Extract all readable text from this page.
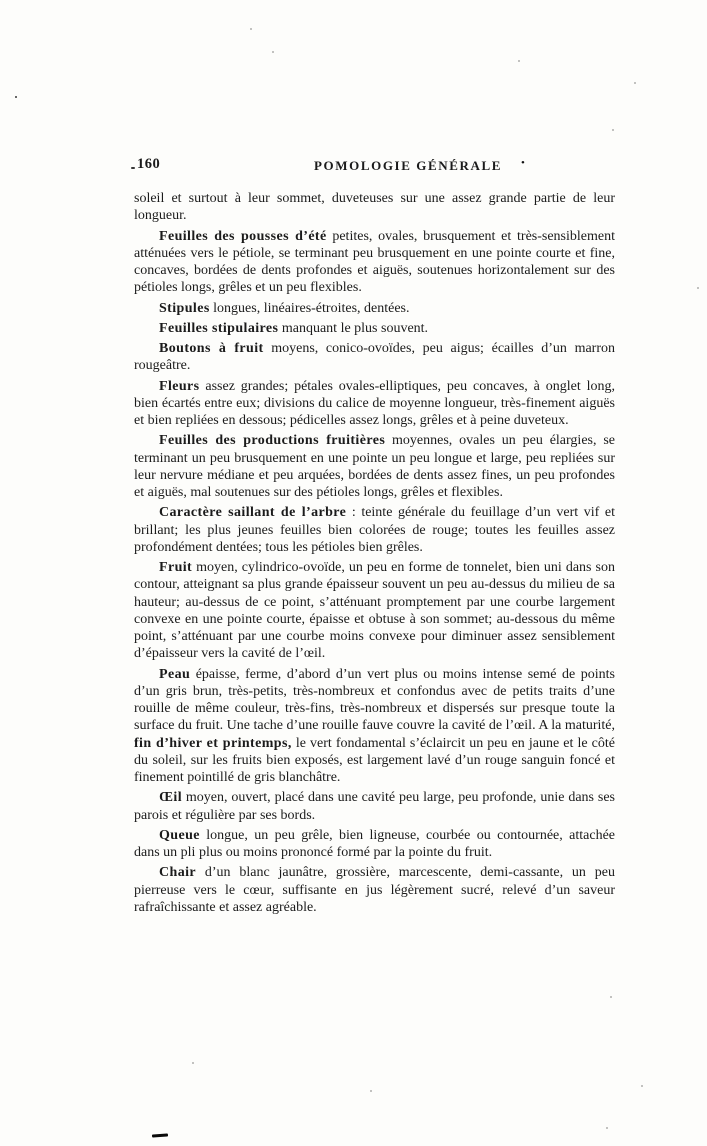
160	POMOLOGIE GÉNÉRALE •

soleil et surtout à leur sommet, duveteuses sur une assez grande partie de leur longueur.

Feuilles des pousses d’été petites, ovales, brusquement et très-sensiblement atténuées vers le pétiole, se terminant peu brusquement en une pointe courte et fine, concaves, bordées de dents profondes et aiguës, soutenues horizontalement sur des pétioles longs, grêles et un peu flexibles.

Stipules longues, linéaires-étroites, dentées.

Feuilles stipulaires manquant le plus souvent.

Boutons à fruit moyens, conico-ovoïdes, peu aigus; écailles d’un marron rougeâtre.

Fleurs assez grandes; pétales ovales-elliptiques, peu concaves, à onglet long, bien écartés entre eux; divisions du calice de moyenne longueur, très-finement aiguës et bien repliées en dessous; pédicelles assez longs, grêles et à peine duveteux.

Feuilles des productions fruitières moyennes, ovales un peu élargies, se terminant un peu brusquement en une pointe un peu longue et large, peu repliées sur leur nervure médiane et peu arquées, bordées de dents assez fines, un peu profondes et aiguës, mal soutenues sur des pétioles longs, grêles et flexibles.

Caractère saillant de l’arbre : teinte générale du feuillage d’un vert vif et brillant; les plus jeunes feuilles bien colorées de rouge; toutes les feuilles assez profondément dentées; tous les pétioles bien grêles.

Fruit moyen, cylindrico-ovoïde, un peu en forme de tonnelet, bien uni dans son contour, atteignant sa plus grande épaisseur souvent un peu au-dessus du milieu de sa hauteur; au-dessus de ce point, s’atténuant promptement par une courbe largement convexe en une pointe courte, épaisse et obtuse à son sommet; au-dessous du même point, s’atténuant par une courbe moins convexe pour diminuer assez sensiblement d’épaisseur vers la cavité de l’œil.

Peau épaisse, ferme, d’abord d’un vert plus ou moins intense semé de points d’un gris brun, très-petits, très-nombreux et confondus avec de petits traits d’une rouille de même couleur, très-fins, très-nombreux et dispersés sur presque toute la surface du fruit. Une tache d’une rouille fauve couvre la cavité de l’œil. A la maturité, fin d’hiver et printemps, le vert fondamental s’éclaircit un peu en jaune et le côté du soleil, sur les fruits bien exposés, est largement lavé d’un rouge sanguin foncé et finement pointillé de gris blanchâtre.

Œil moyen, ouvert, placé dans une cavité peu large, peu profonde, unie dans ses parois et régulière par ses bords.

Queue longue, un peu grêle, bien ligneuse, courbée ou contournée, attachée dans un pli plus ou moins prononcé formé par la pointe du fruit.

Chair d’un blanc jaunâtre, grossière, marcescente, demi-cassante, un peu pierreuse vers le cœur, suffisante en jus légèrement sucré, relevé d’un saveur rafraîchissante et assez agréable.
